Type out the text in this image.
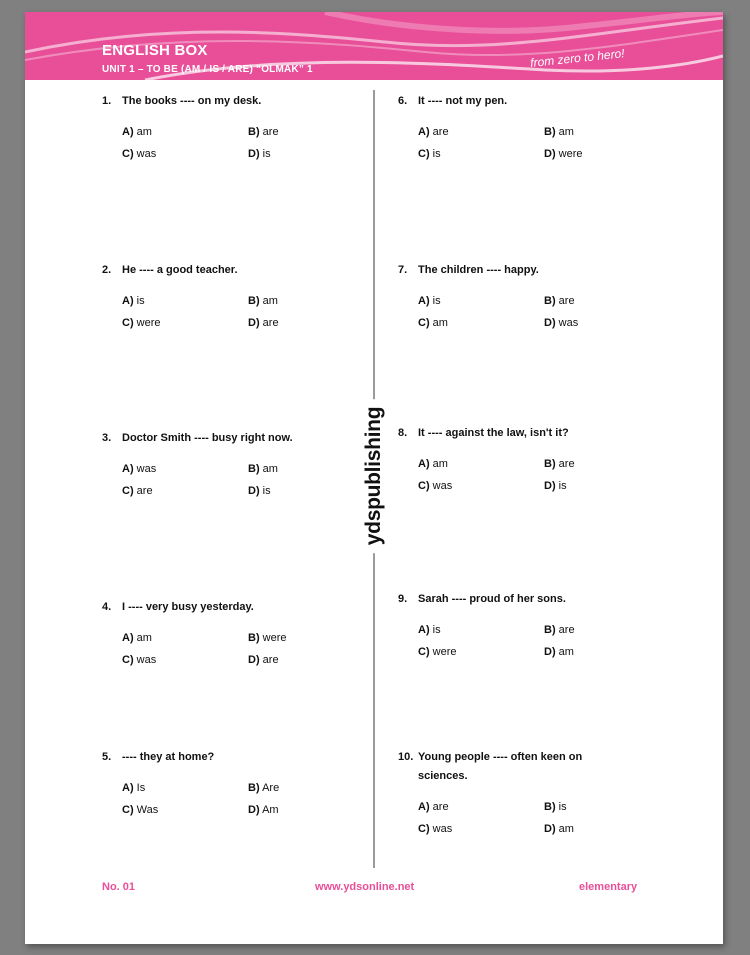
ENGLISH BOX
UNIT 1 – TO BE (AM / IS / ARE) “OLMAK” 1	from zero to hero!
ydspublishing
1. The books ---- on my desk.
A) am	B) are
C) was	D) is
2. He ---- a good teacher.
A) is	B) am
C) were	D) are
3. Doctor Smith ---- busy right now.
A) was	B) am
C) are	D) is
4. I ---- very busy yesterday.
A) am	B) were
C) was	D) are
5. ---- they at home?
A) Is	B) Are
C) Was	D) Am
6. It ---- not my pen.
A) are	B) am
C) is	D) were
7. The children ---- happy.
A) is	B) are
C) am	D) was
8. It ---- against the law, isn't it?
A) am	B) are
C) was	D) is
9. Sarah ---- proud of her sons.
A) is	B) are
C) were	D) am
10. Young people ---- often keen on sciences.
A) are	B) is
C) was	D) am
No. 01	www.ydsonline.net	elementary
